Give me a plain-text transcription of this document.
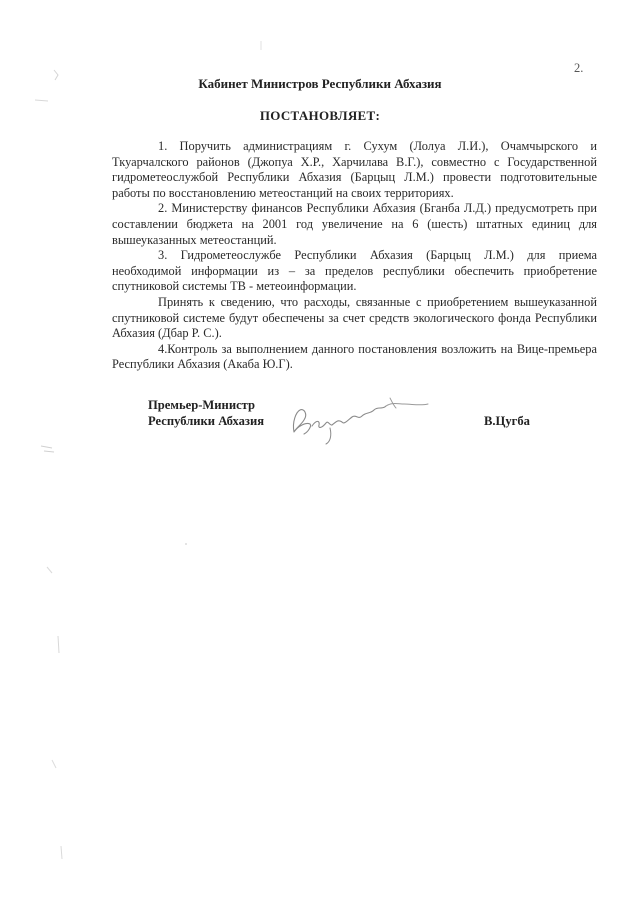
2.
Кабинет Министров Республики Абхазия
ПОСТАНОВЛЯЕТ:

1. Поручить администрациям г. Сухум (Лолуа Л.И.), Очамчырского и Ткуарчалского районов (Джопуа Х.Р., Харчилава В.Г.), совместно с Государственной гидрометеослужбой Республики Абхазия (Барцыц Л.М.) провести подготовительные работы по восстановлению метеостанций на своих территориях.

2. Министерству финансов Республики Абхазия (Бганба Л.Д.) предусмотреть при составлении бюджета на 2001 год увеличение на 6 (шесть) штатных единиц для вышеуказанных метеостанций.

3. Гидрометеослужбе Республики Абхазия (Барцыц Л.М.) для приема необходимой информации из – за пределов республики обеспечить приобретение спутниковой системы ТВ - метеоинформации.

Принять к сведению, что расходы, связанные с приобретением вышеуказанной спутниковой системе будут обеспечены за счет средств экологического фонда Республики Абхазия (Дбар Р. С.).

4.Контроль за выполнением данного постановления возложить на Вице-премьера Республики Абхазия (Акаба Ю.Г).

Премьер-Министр
Республики Абхазия	В.Цугба
